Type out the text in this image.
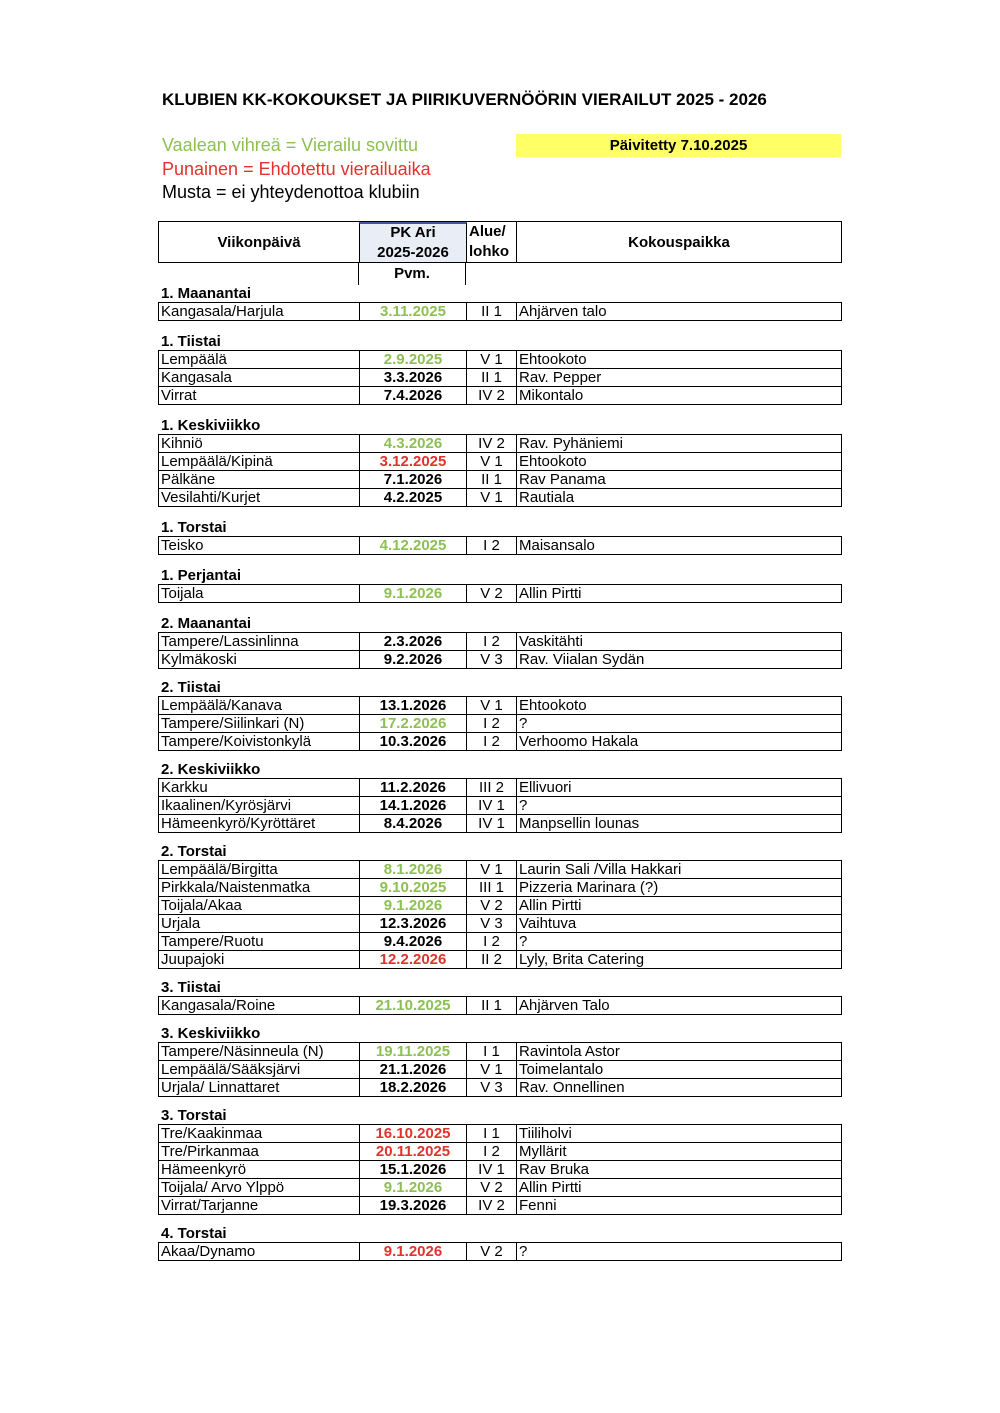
KLUBIEN KK-KOKOUKSET JA PIIRIKUVERNÖÖRIN VIERAILUT 2025 - 2026
Vaalean vihreä = Vierailu sovittu
Punainen = Ehdotettu vierailuaika
Musta = ei yhteydenottoa klubiin
Päivitetty 7.10.2025
Viikonpäivä
PK Ari
2025-2026
Alue/
lohko
Kokouspaikka
Pvm.
1. Maanantai
Kangasala/Harjula	3.11.2025	II 1	Ahjärven talo
1. Tiistai
Lempäälä	2.9.2025	V 1	Ehtookoto
Kangasala	3.3.2026	II 1	Rav. Pepper
Virrat	7.4.2026	IV 2 Mikontalo
1. Keskiviikko
Kihniö	4.3.2026	IV 2 Rav. Pyhäniemi
Lempäälä/Kipinä	3.12.2025	V 1	Ehtookoto
Pälkäne	7.1.2026	II 1	Rav Panama
Vesilahti/Kurjet	4.2.2025	V 1	Rautiala
1. Torstai
Teisko	4.12.2025	I 2	Maisansalo
1. Perjantai
Toijala	9.1.2026	V 2	Allin Pirtti
2. Maanantai
Tampere/Lassinlinna	2.3.2026	I 2	Vaskitähti
Kylmäkoski	9.2.2026	V 3	Rav. Viialan Sydän
2. Tiistai
Lempäälä/Kanava	13.1.2026	V 1	Ehtookoto
Tampere/Siilinkari (N)	17.2.2026	I 2	?
Tampere/Koivistonkylä	10.3.2026	I 2	Verhoomo Hakala
2. Keskiviikko
Karkku	11.2.2026	III 2	Ellivuori
Ikaalinen/Kyrösjärvi	14.1.2026	IV 1 ?
Hämeenkyrö/Kyröttäret	8.4.2026	IV 1 Manpsellin lounas
2. Torstai
Lempäälä/Birgitta	8.1.2026	V 1	Laurin Sali /Villa Hakkari
Pirkkala/Naistenmatka	9.10.2025	III 1	Pizzeria Marinara (?)
Toijala/Akaa	9.1.2026	V 2	Allin Pirtti
Urjala	12.3.2026	V 3	Vaihtuva
Tampere/Ruotu	9.4.2026	I 2	?
Juupajoki	12.2.2026	II 2	Lyly, Brita Catering
3. Tiistai
Kangasala/Roine	21.10.2025	II 1	Ahjärven Talo
3. Keskiviikko
Tampere/Näsinneula (N)	19.11.2025	I 1	Ravintola Astor
Lempäälä/Sääksjärvi	21.1.2026	V 1	Toimelantalo
Urjala/ Linnattaret	18.2.2026	V 3	Rav. Onnellinen
3. Torstai
Tre/Kaakinmaa	16.10.2025	I 1	Tiiliholvi
Tre/Pirkanmaa	20.11.2025	I 2	Myllärit
Hämeenkyrö	15.1.2026	IV 1 Rav Bruka
Toijala/ Arvo Ylppö	9.1.2026	V 2	Allin Pirtti
Virrat/Tarjanne	19.3.2026	IV 2 Fenni
4. Torstai
Akaa/Dynamo	9.1.2026	V 2	?
